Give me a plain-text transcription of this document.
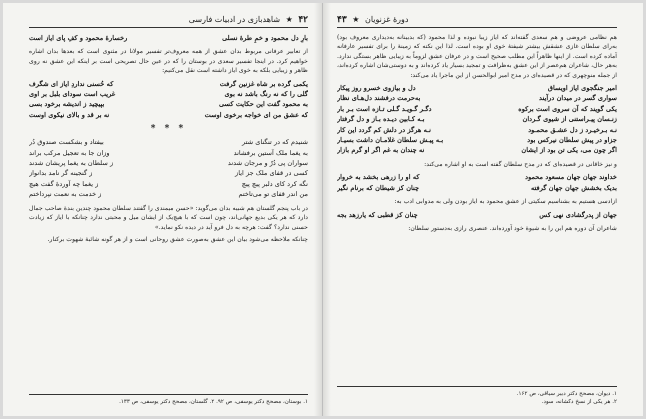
۴۲ ★ شاهدبازی در ادبیات فارسی
بارِ دل محمود و خمِ طرهٔ نسلی
رخسارهٔ محمود و کفِ پای ایاز است

از تعابیر عرفانی مربوط بدان عشق از همه معروف‌تر تفسیر مولانا در مثنوی است که بعدها بدان اشاره خواهیم کرد. در اینجا تفسیر سعدی در بوستان را که در عین حال تصریحی است بر اینکه این عشق نه روی ظاهر و زیبایی بلکه به خوی ایاز داشته است نقل می‌کنیم:

یکمی گرده بر شاه غزنین گرفت
که حُسنی نداردِ ایاز ای شگرف
گلی را که نه رنگ باشد نه بوی
غریب است سودای بلبل بر اوی
به محمود گفت این حکایت کسی
بپیچید ز اندیشه برخود بسی
که عشق من ای خواجه برخوی اوست
نه بر قد و بالای نیکوی اوست
* * *
شنیدم که در تنگنای شتر
بیفتاد و بشکست صندوق دُر
به یغما ملک آستین برفشاند
وزان جا به تعجیل مرکب براند
سواران پی دُرّ و مرجان شدند
ز سلطان به یغما پریشان شدند
کسی در قفای ملک جز ایاز
ز گنجینه گر نامد بدانواز
نگه کرد کای دلبر پیچ پیچ
ز یغما چه آوردهٔ گفت هیچ
من اندر قفای تو می‌تاختم
ز خدمت به نعمت نپرداختم

در باب پنجم گلستان هم شبیه بدان می‌گوید: «حسن میمندی را گفتند سلطان محمود چندین بندهٔ صاحب جمال دارد که هر یکی بدیع جهانی‌اند، چون است که با هیچ‌یک از ایشان میل و محبتی ندارد چنانکه با ایاز که زیادت حسنی ندارد؟ گفت: هرچه به دل فرو آید در دیده نکو نماید.»

چنانکه ملاحظه می‌شود بیان این عشق به‌صورت عشق روحانی است و از هر گونه شائبهٔ شهوت برکنار.

۱. بوستان، مصحح دکتر یوسفی، ص ۹۲. ۲. گلستان، مصحح دکتر یوسفی، ص ۱۳۳.
دورهٔ غزنویان ★ ۴۳

هم نظامی عروضی و هم سعدی گفته‌اند که ایاز زیبا نبوده و لذا محمود (که بدبینانه به‌دیداری معروف بود) به‌رای سلطان غازی عشقش بیشتر شیفتهٔ خوی او بوده است. لذا این نکته که زمینهٔ را برای تفسیر عارفانه آماده کرده است. از اینها ظاهراً این مطلب صحیح است و در عرفان عشق لزوماً به زیبایی ظاهر بستگی ندارد. به‌هر حال، شاعران هم‌عصر از این عشق به‌ظرافت و تمجید بسیار یاد کرده‌اند و به دوستی‌شان اشاره کرده‌اند، از جمله منوچهری که در قصیده‌ای در مدح امیر ابوالحسن از این ماجرا یاد می‌کند:

امیر جنگجوی ایاز اویساق
دل و بیازوی خسرو روز پیکار
سواری گسر در میدان درآیند
به‌حرمت درفشند دل‌هـای نظار
یکی گویند که آن سروی است برکوه
دگـر گـویـد گـلی تـازه است بـر بار
زنـسان پیـراستنی از شیوی گـردان
بـه ‌کـابین دیـده ‌بـاز و دل گرفتار
نـه بـرخیـرد ز دل عشـق محمـود
نـه هرگز در دلش کم گردد این کار
جزاو در پیش سلطان نیرکس بود
بـه پیـش سلطان غلامـان داشت بسیـار
اگر چون می، یکی تن بود از ایشان
نه چندان به غم اگر او گرم بازار

و نیز خاقانی در قصیده‌ای که در مدح سلطان گفته است به او اشاره می‌کند:

خداوند جهان جهان مسعود محمود
که او را زرهی بخشد به خروار
بدیک بخشش جهان جهان گرفته
چنان کز شیطان که برنام نگیر

ازادسی هستیم به بشناسیم سکیتی از عشق محمود به ایاز بودن ولی به مدوابی ادب به:

جهان از پدرگشادی نهی کس
چنان کز قطبی که یارزهد بجه

شاعران آن دوره هم این را به شیوهٔ خود آورده‌اند. عنصری رازی به‌دستور سلطان:

۱. دیوان، مصحح دکتر دبیر سیاقی، ص ۱۶۲.
۲. هر یکی از نسخ دکشانه، سود.
